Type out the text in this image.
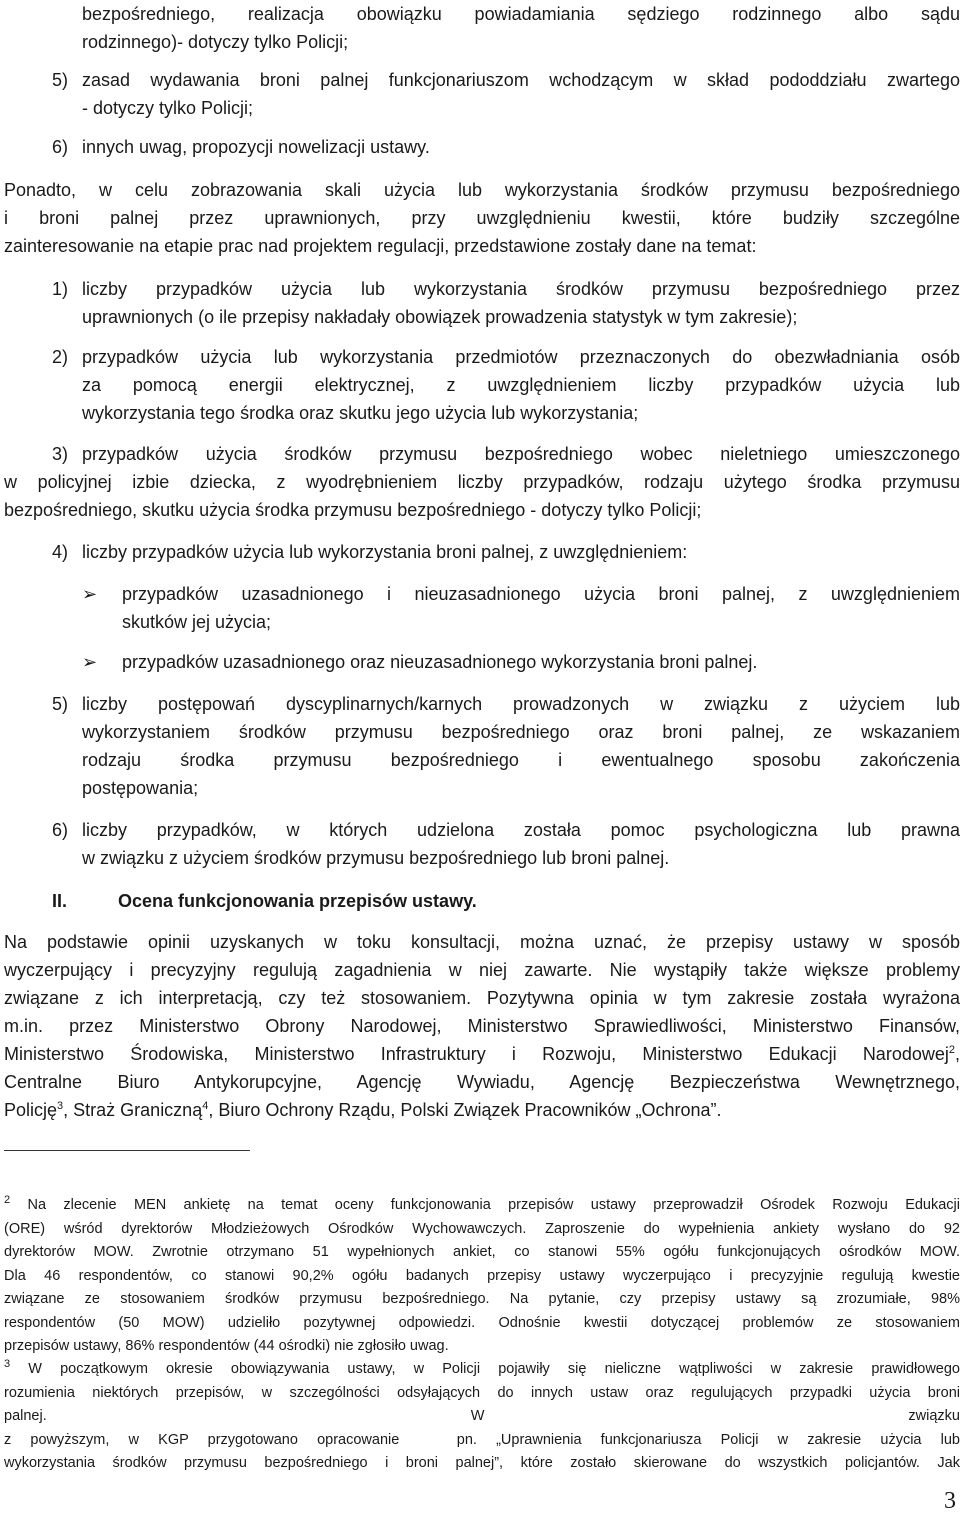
bezpośredniego, realizacja obowiązku powiadamiania sędziego rodzinnego albo sądu
rodzinnego)- dotyczy tylko Policji;
5) zasad wydawania broni palnej funkcjonariuszom wchodzącym w skład pododdziału zwartego
- dotyczy tylko Policji;
6) innych uwag, propozycji nowelizacji ustawy.
Ponadto, w celu zobrazowania skali użycia lub wykorzystania środków przymusu bezpośredniego
i broni palnej przez uprawnionych, przy uwzględnieniu kwestii, które budziły szczególne
zainteresowanie na etapie prac nad projektem regulacji, przedstawione zostały dane na temat:
1) liczby przypadków użycia lub wykorzystania środków przymusu bezpośredniego przez
uprawnionych (o ile przepisy nakładały obowiązek prowadzenia statystyk w tym zakresie);
2) przypadków użycia lub wykorzystania przedmiotów przeznaczonych do obezwładniania osób
za pomocą energii elektrycznej, z uwzględnieniem liczby przypadków użycia lub
wykorzystania tego środka oraz skutku jego użycia lub wykorzystania;
3) przypadków użycia środków przymusu bezpośredniego wobec nieletniego umieszczonego
w policyjnej izbie dziecka, z wyodrębnieniem liczby przypadków, rodzaju użytego środka przymusu
bezpośredniego, skutku użycia środka przymusu bezpośredniego - dotyczy tylko Policji;
4) liczby przypadków użycia lub wykorzystania broni palnej, z uwzględnieniem:
➢ przypadków uzasadnionego i nieuzasadnionego użycia broni palnej, z uwzględnieniem
skutków jej użycia;
➢ przypadków uzasadnionego oraz nieuzasadnionego wykorzystania broni palnej.
5) liczby postępowań dyscyplinarnych/karnych prowadzonych w związku z użyciem lub
wykorzystaniem środków przymusu bezpośredniego oraz broni palnej, ze wskazaniem
rodzaju środka przymusu bezpośredniego i ewentualnego sposobu zakończenia
postępowania;
6) liczby przypadków, w których udzielona została pomoc psychologiczna lub prawna
w związku z użyciem środków przymusu bezpośredniego lub broni palnej.
II.	Ocena funkcjonowania przepisów ustawy.
Na podstawie opinii uzyskanych w toku konsultacji, można uznać, że przepisy ustawy w sposób
wyczerpujący i precyzyjny regulują zagadnienia w niej zawarte. Nie wystąpiły także większe problemy
związane z ich interpretacją, czy też stosowaniem. Pozytywna opinia w tym zakresie została wyrażona
m.in. przez Ministerstwo Obrony Narodowej, Ministerstwo Sprawiedliwości, Ministerstwo Finansów,
Ministerstwo Środowiska, Ministerstwo Infrastruktury i Rozwoju, Ministerstwo Edukacji Narodowej$^2$,
Centralne Biuro Antykorupcyjne, Agencję Wywiadu, Agencję Bezpieczeństwa Wewnętrznego,
Policję$^3$, Straż Graniczną$^4$, Biuro Ochrony Rządu, Polski Związek Pracowników „Ochrona”.
$^2$ Na zlecenie MEN ankietę na temat oceny funkcjonowania przepisów ustawy przeprowadził Ośrodek Rozwoju Edukacji
(ORE) wśród dyrektorów Młodzieżowych Ośrodków Wychowawczych. Zaproszenie do wypełnienia ankiety wysłano do 92
dyrektorów MOW. Zwrotnie otrzymano 51 wypełnionych ankiet, co stanowi 55% ogółu funkcjonujących ośrodków MOW.
Dla 46 respondentów, co stanowi 90,2% ogółu badanych przepisy ustawy wyczerpująco i precyzyjnie regulują kwestie
związane ze stosowaniem środków przymusu bezpośredniego. Na pytanie, czy przepisy ustawy są zrozumiałe, 98%
respondentów (50 MOW) udzieliło pozytywnej odpowiedzi. Odnośnie kwestii dotyczącej problemów ze stosowaniem
przepisów ustawy, 86% respondentów (44 ośrodki) nie zgłosiło uwag.
$^3$ W początkowym okresie obowiązywania ustawy, w Policji pojawiły się nieliczne wątpliwości w zakresie prawidłowego
rozumienia niektórych przepisów, w szczególności odsyłających do innych ustaw oraz regulujących przypadki użycia broni
palnej.                    W                    związku
z powyższym, w KGP przygotowano opracowanie   pn. „Uprawnienia funkcjonariusza Policji w zakresie użycia lub
wykorzystania środków przymusu bezpośredniego i broni palnej”, które zostało skierowane do wszystkich policjantów. Jak
3
